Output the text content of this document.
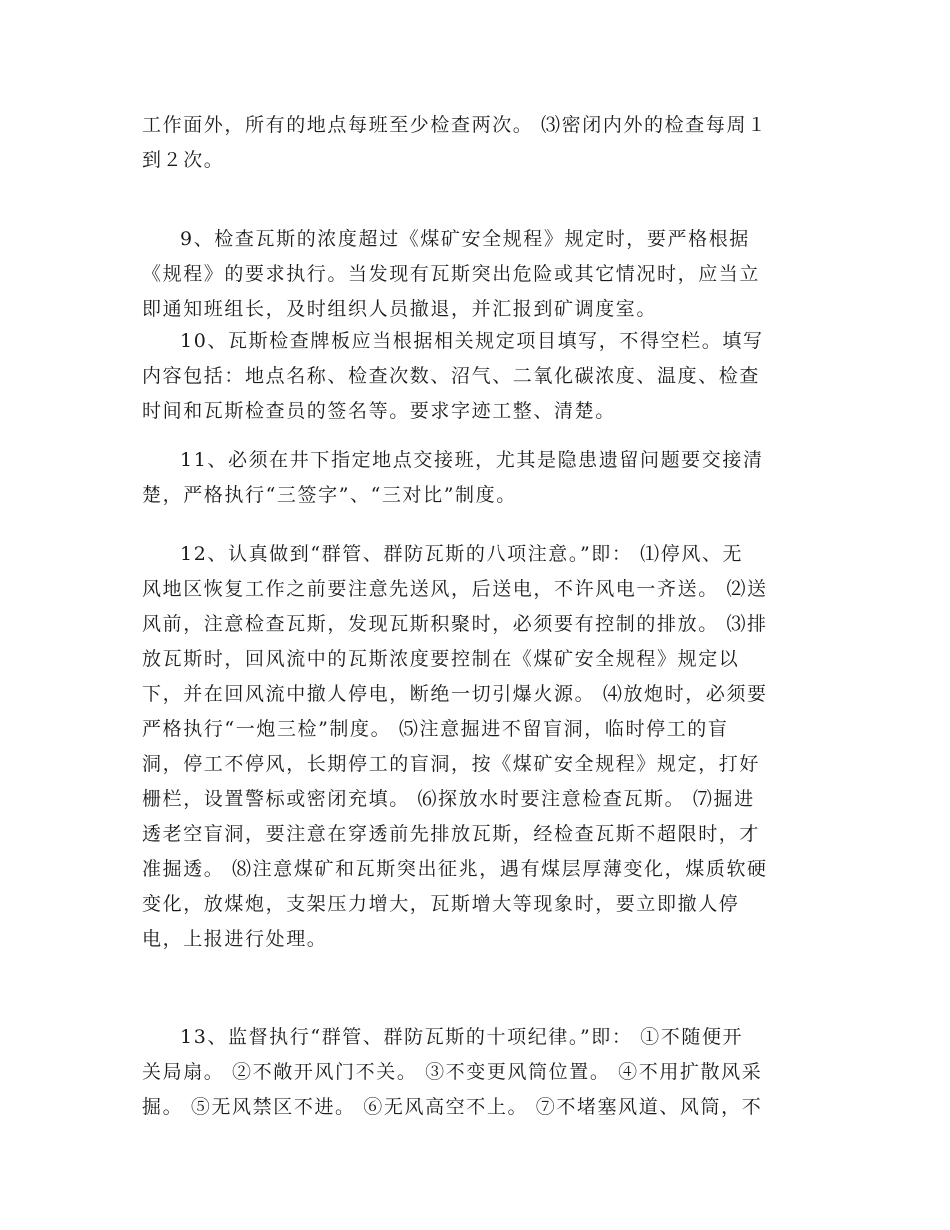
工作面外，所有的地点每班至少检查两次。 ⑶密闭内外的检查每周１
到２次。
9、检查瓦斯的浓度超过《煤矿安全规程》规定时，要严格根据
《规程》的要求执行。当发现有瓦斯突出危险或其它情况时，应当立
即通知班组长，及时组织人员撤退，并汇报到矿调度室。
10、瓦斯检查牌板应当根据相关规定项目填写，不得空栏。填写
内容包括：地点名称、检查次数、沼气、二氧化碳浓度、温度、检查
时间和瓦斯检查员的签名等。要求字迹工整、清楚。
11、必须在井下指定地点交接班，尤其是隐患遗留问题要交接清
楚，严格执行“三签字”、“三对比”制度。
12、认真做到“群管、群防瓦斯的八项注意。”即： ⑴停风、无
风地区恢复工作之前要注意先送风，后送电，不许风电一齐送。 ⑵送
风前，注意检查瓦斯，发现瓦斯积聚时，必须要有控制的排放。 ⑶排
放瓦斯时，回风流中的瓦斯浓度要控制在《煤矿安全规程》规定以
下，并在回风流中撤人停电，断绝一切引爆火源。 ⑷放炮时，必须要
严格执行“一炮三检”制度。 ⑸注意掘进不留盲洞，临时停工的盲
洞，停工不停风，长期停工的盲洞，按《煤矿安全规程》规定，打好
栅栏，设置警标或密闭充填。 ⑹探放水时要注意检查瓦斯。 ⑺掘进
透老空盲洞，要注意在穿透前先排放瓦斯，经检查瓦斯不超限时，才
准掘透。 ⑻注意煤矿和瓦斯突出征兆，遇有煤层厚薄变化，煤质软硬
变化，放煤炮，支架压力增大，瓦斯增大等现象时，要立即撤人停
电，上报进行处理。
13、监督执行“群管、群防瓦斯的十项纪律。”即： ①不随便开
关局扇。 ②不敞开风门不关。 ③不变更风筒位置。 ④不用扩散风采
掘。 ⑤无风禁区不进。 ⑥无风高空不上。 ⑦不堵塞风道、风筒，不
